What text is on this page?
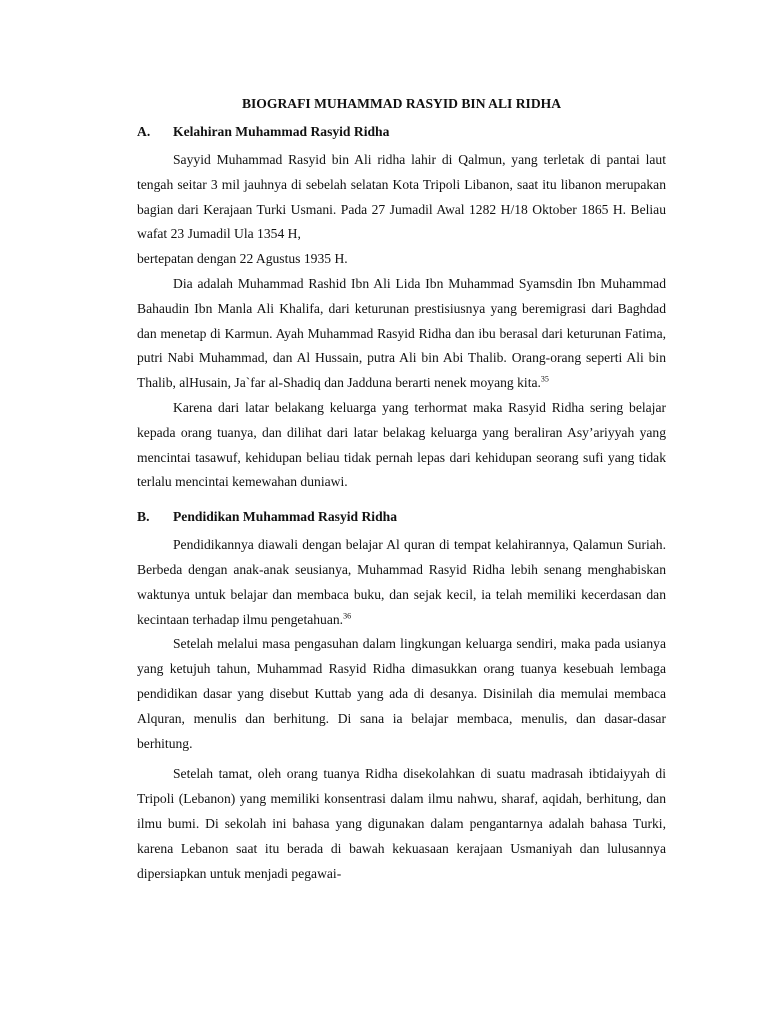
BIOGRAFI MUHAMMAD RASYID BIN ALI RIDHA

A.	Kelahiran Muhammad Rasyid Ridha

Sayyid Muhammad Rasyid bin Ali ridha lahir di Qalmun, yang terletak di pantai laut tengah seitar 3 mil jauhnya di sebelah selatan Kota Tripoli Libanon, saat itu libanon merupakan bagian dari Kerajaan Turki Usmani. Pada 27 Jumadil Awal 1282 H/18 Oktober 1865 H. Beliau wafat 23 Jumadil Ula 1354 H,

bertepatan dengan 22 Agustus 1935 H.

Dia adalah Muhammad Rashid Ibn Ali Lida Ibn Muhammad Syamsdin Ibn Muhammad Bahaudin Ibn Manla Ali Khalifa, dari keturunan prestisiusnya yang beremigrasi dari Baghdad dan menetap di Karmun. Ayah Muhammad Rasyid Ridha dan ibu berasal dari keturunan Fatima, putri Nabi Muhammad, dan Al Hussain, putra Ali bin Abi Thalib. Orang-orang seperti Ali bin Thalib, alHusain, Ja`far al-Shadiq dan Jadduna berarti nenek moyang kita.$^{35}$

Karena dari latar belakang keluarga yang terhormat maka Rasyid Ridha sering belajar kepada orang tuanya, dan dilihat dari latar belakag keluarga yang beraliran Asy’ariyyah yang mencintai tasawuf, kehidupan beliau tidak pernah lepas dari kehidupan seorang sufi yang tidak terlalu mencintai kemewahan duniawi.

B.	Pendidikan Muhammad Rasyid Ridha

Pendidikannya diawali dengan belajar Al quran di tempat kelahirannya, Qalamun Suriah. Berbeda dengan anak-anak seusianya, Muhammad Rasyid Ridha lebih senang menghabiskan waktunya untuk belajar dan membaca buku, dan sejak kecil, ia telah memiliki kecerdasan dan kecintaan terhadap ilmu pengetahuan.$^{36}$

Setelah melalui masa pengasuhan dalam lingkungan keluarga sendiri, maka pada usianya yang ketujuh tahun, Muhammad Rasyid Ridha dimasukkan orang tuanya kesebuah lembaga pendidikan dasar yang disebut Kuttab yang ada di desanya. Disinilah dia memulai membaca Alquran, menulis dan berhitung. Di sana ia belajar membaca, menulis, dan dasar-dasar berhitung.

Setelah tamat, oleh orang tuanya Ridha disekolahkan di suatu madrasah ibtidaiyyah di Tripoli (Lebanon) yang memiliki konsentrasi dalam ilmu nahwu, sharaf, aqidah, berhitung, dan ilmu bumi. Di sekolah ini bahasa yang digunakan dalam pengantarnya adalah bahasa Turki, karena Lebanon saat itu berada di bawah kekuasaan kerajaan Usmaniyah dan lulusannya dipersiapkan untuk menjadi pegawai-
